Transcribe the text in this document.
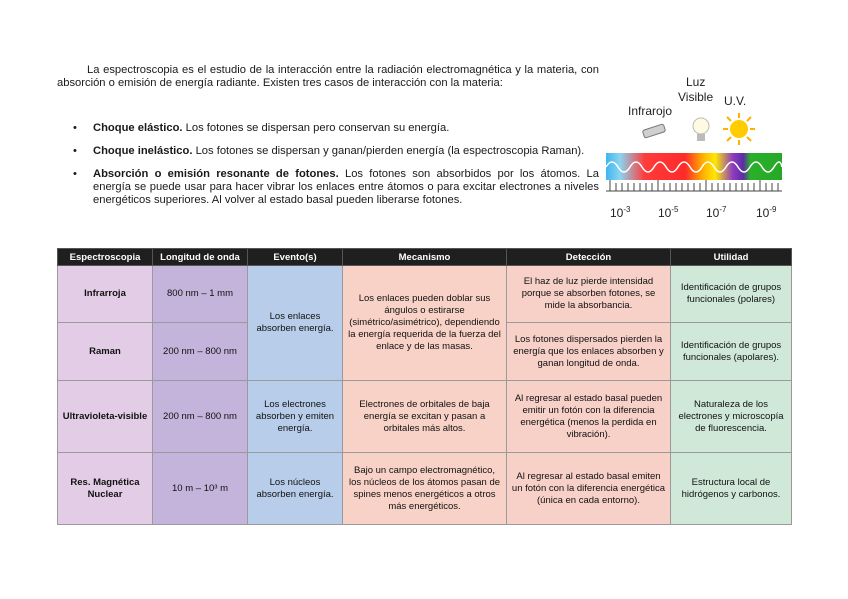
La espectroscopia es el estudio de la interacción entre la radiación electromagnética y la materia, con absorción o emisión de energía radiante. Existen tres casos de interacción con la materia:

• Choque elástico. Los fotones se dispersan pero conservan su energía.
• Choque inelástico. Los fotones se dispersan y ganan/pierden energía (la espectroscopia Raman).
• Absorción o emisión resonante de fotones. Los fotones son absorbidos por los átomos. La energía se puede usar para hacer vibrar los enlaces entre átomos o para excitar electrones a niveles energéticos superiores. Al volver al estado basal pueden liberarse fotones.
Luz
Visible U.V.
Infrarojo
$10^{-3}$ $10^{-5}$ $10^{-7}$ $10^{-9}$
Espectroscopia	Longitud de onda	Evento(s)	Mecanismo	Detección	Utilidad
Infrarroja	800 nm – 1 mm	Los enlaces absorben energía.	Los enlaces pueden doblar sus ángulos o estirarse (simétrico/asimétrico), dependiendo la energía requerida de la fuerza del enlace y de las masas.	El haz de luz pierde intensidad porque se absorben fotones, se mide la absorbancia.	Identificación de grupos funcionales (polares)
Raman	200 nm – 800 nm			Los fotones dispersados pierden la energía que los enlaces absorben y ganan longitud de onda.	Identificación de grupos funcionales (apolares).
Ultravioleta-visible	200 nm – 800 nm	Los electrones absorben y emiten energía.	Electrones de orbitales de baja energía se excitan y pasan a orbitales más altos.	Al regresar al estado basal pueden emitir un fotón con la diferencia energética (menos la perdida en vibración).	Naturaleza de los electrones y microscopía de fluorescencia.
Res. Magnética Nuclear	10 m – 10³ m	Los núcleos absorben energía.	Bajo un campo electromagnético, los núcleos de los átomos pasan de spines menos energéticos a otros más energéticos.	Al regresar al estado basal emiten un fotón con la diferencia energética (única en cada entorno).	Estructura local de hidrógenos y carbonos.
